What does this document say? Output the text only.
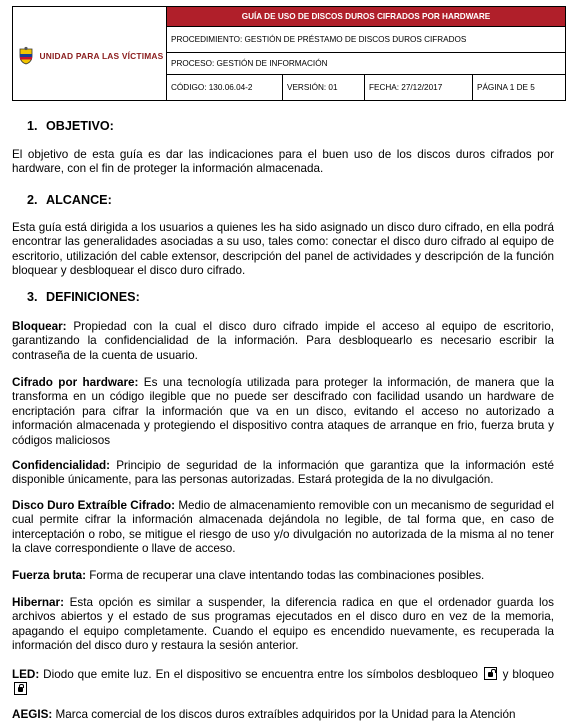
UNIDAD PARA LAS VÍCTIMAS
GUÍA DE USO DE DISCOS DUROS CIFRADOS POR HARDWARE
PROCEDIMIENTO: GESTIÓN DE PRÉSTAMO DE DISCOS DUROS CIFRADOS
PROCESO: GESTIÓN DE INFORMACIÓN
CÓDIGO: 130.06.04-2	VERSIÓN: 01	FECHA: 27/12/2017	PÁGINA 1 DE 5
1. OBJETIVO:
El objetivo de esta guía es dar las indicaciones para el buen uso de los discos duros cifrados por hardware, con el fin de proteger la información almacenada.
2. ALCANCE:
Esta guía está dirigida a los usuarios a quienes les ha sido asignado un disco duro cifrado, en ella podrá encontrar las generalidades asociadas a su uso, tales como: conectar el disco duro cifrado al equipo de escritorio, utilización del cable extensor, descripción del panel de actividades y descripción de la función bloquear y desbloquear el disco duro cifrado.
3. DEFINICIONES:
Bloquear: Propiedad con la cual el disco duro cifrado impide el acceso al equipo de escritorio, garantizando la confidencialidad de la información. Para desbloquearlo es necesario escribir la contraseña de la cuenta de usuario.
Cifrado por hardware: Es una tecnología utilizada para proteger la información, de manera que la transforma en un código ilegible que no puede ser descifrado con facilidad usando un hardware de encriptación para cifrar la información que va en un disco, evitando el acceso no autorizado a información almacenada y protegiendo el dispositivo contra ataques de arranque en frio, fuerza bruta y códigos maliciosos
Confidencialidad: Principio de seguridad de la información que garantiza que la información esté disponible únicamente, para las personas autorizadas. Estará protegida de la no divulgación.
Disco Duro Extraíble Cifrado: Medio de almacenamiento removible con un mecanismo de seguridad el cual permite cifrar la información almacenada dejándola no legible, de tal forma que, en caso de interceptación o robo, se mitigue el riesgo de uso y/o divulgación no autorizada de la misma al no tener la clave correspondiente o llave de acceso.
Fuerza bruta: Forma de recuperar una clave intentando todas las combinaciones posibles.
Hibernar: Esta opción es similar a suspender, la diferencia radica en que el ordenador guarda los archivos abiertos y el estado de sus programas ejecutados en el disco duro en vez de la memoria, apagando el equipo completamente. Cuando el equipo es encendido nuevamente, es recuperada la información del disco duro y restaura la sesión anterior.
LED: Diodo que emite luz. En el dispositivo se encuentra entre los símbolos desbloqueo  y bloqueo
AEGIS: Marca comercial de los discos duros extraíbles adquiridos por la Unidad para la Atención
